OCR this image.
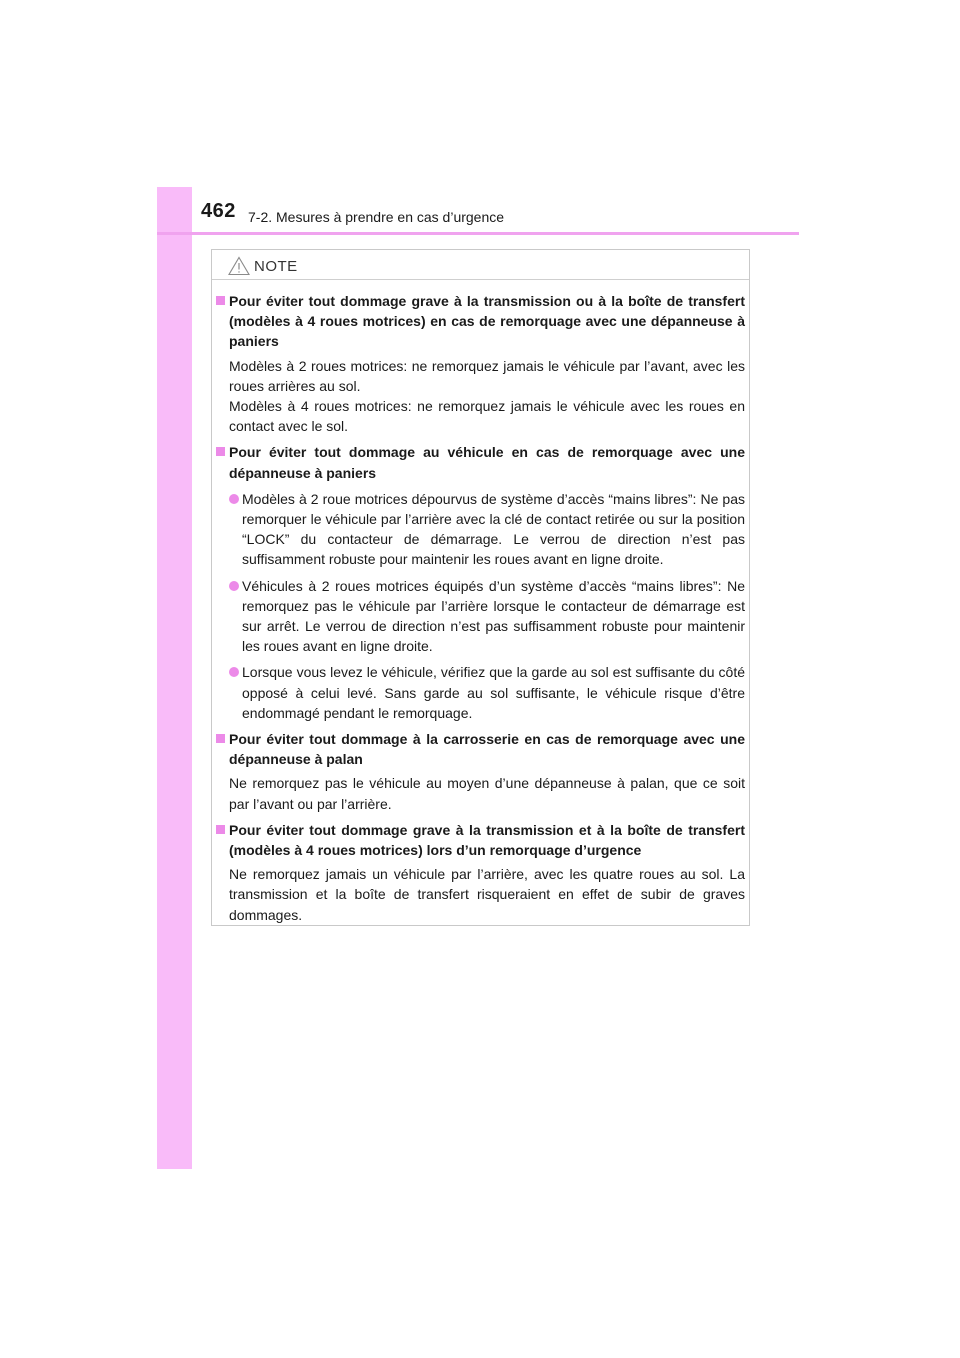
462 7-2. Mesures à prendre en cas d’urgence
NOTE
Pour éviter tout dommage grave à la transmission ou à la boîte de transfert (modèles à 4 roues motrices) en cas de remorquage avec une dépanneuse à paniers

Modèles à 2 roues motrices: ne remorquez jamais le véhicule par l’avant, avec les roues arrières au sol.

Modèles à 4 roues motrices: ne remorquez jamais le véhicule avec les roues en contact avec le sol.

Pour éviter tout dommage au véhicule en cas de remorquage avec une dépanneuse à paniers
Modèles à 2 roue motrices dépourvus de système d’accès “mains libres”: Ne pas remorquer le véhicule par l’arrière avec la clé de contact retirée ou sur la position “LOCK” du contacteur de démarrage. Le verrou de direction n’est pas suffisamment robuste pour maintenir les roues avant en ligne droite.
Véhicules à 2 roues motrices équipés d’un système d’accès “mains libres”: Ne remorquez pas le véhicule par l’arrière lorsque le contacteur de démarrage est sur arrêt. Le verrou de direction n’est pas suffisamment robuste pour maintenir les roues avant en ligne droite.
Lorsque vous levez le véhicule, vérifiez que la garde au sol est suffisante du côté opposé à celui levé. Sans garde au sol suffisante, le véhicule risque d’être endommagé pendant le remorquage.
Pour éviter tout dommage à la carrosserie en cas de remorquage avec une dépanneuse à palan

Ne remorquez pas le véhicule au moyen d’une dépanneuse à palan, que ce soit par l’avant ou par l’arrière.

Pour éviter tout dommage grave à la transmission et à la boîte de transfert (modèles à 4 roues motrices) lors d’un remorquage d’urgence

Ne remorquez jamais un véhicule par l’arrière, avec les quatre roues au sol. La transmission et la boîte de transfert risqueraient en effet de subir de graves dommages.
